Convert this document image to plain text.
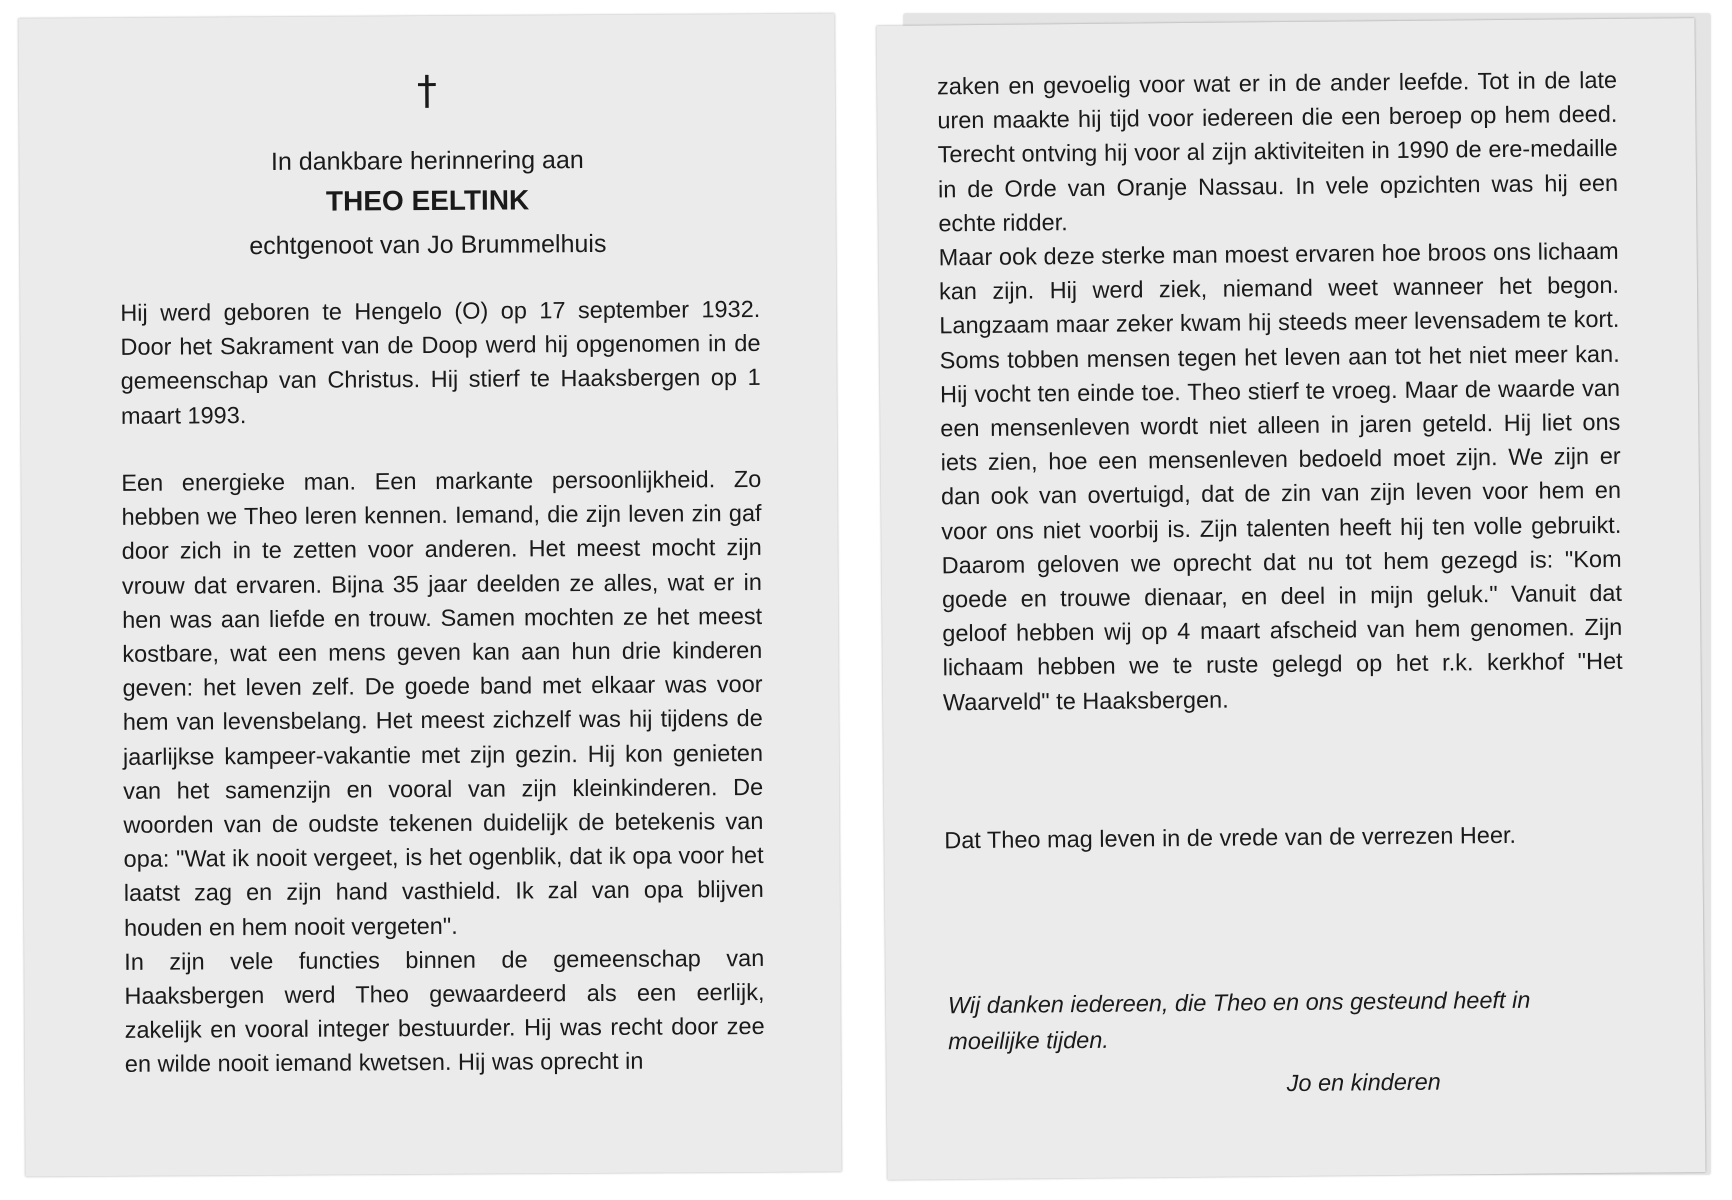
†
In dankbare herinnering aan
THEO EELTINK
echtgenoot van Jo Brummelhuis

Hij werd geboren te Hengelo (O) op 17 september 1932. Door het Sakrament van de Doop werd hij opgenomen in de gemeenschap van Christus. Hij stierf te Haaksbergen op 1 maart 1993.

Een energieke man. Een markante persoonlijkheid. Zo hebben we Theo leren kennen. Iemand, die zijn leven zin gaf door zich in te zetten voor anderen. Het meest mocht zijn vrouw dat ervaren. Bijna 35 jaar deelden ze alles, wat er in hen was aan liefde en trouw. Samen mochten ze het meest kostbare, wat een mens geven kan aan hun drie kinderen geven: het leven zelf. De goede band met elkaar was voor hem van levensbelang. Het meest zichzelf was hij tijdens de jaarlijkse kampeer-vakantie met zijn gezin. Hij kon genieten van het samenzijn en vooral van zijn kleinkinderen. De woorden van de oudste tekenen duidelijk de betekenis van opa: "Wat ik nooit vergeet, is het ogenblik, dat ik opa voor het laatst zag en zijn hand vasthield. Ik zal van opa blijven houden en hem nooit vergeten".
In zijn vele functies binnen de gemeenschap van Haaksbergen werd Theo gewaardeerd als een eerlijk, zakelijk en vooral integer bestuurder. Hij was recht door zee en wilde nooit iemand kwetsen. Hij was oprecht in
zaken en gevoelig voor wat er in de ander leefde. Tot in de late uren maakte hij tijd voor iedereen die een beroep op hem deed. Terecht ontving hij voor al zijn aktiviteiten in 1990 de ere-medaille in de Orde van Oranje Nassau. In vele opzichten was hij een echte ridder.
Maar ook deze sterke man moest ervaren hoe broos ons lichaam kan zijn. Hij werd ziek, niemand weet wanneer het begon. Langzaam maar zeker kwam hij steeds meer levensadem te kort. Soms tobben mensen tegen het leven aan tot het niet meer kan. Hij vocht ten einde toe. Theo stierf te vroeg. Maar de waarde van een mensenleven wordt niet alleen in jaren geteld. Hij liet ons iets zien, hoe een mensenleven bedoeld moet zijn. We zijn er dan ook van overtuigd, dat de zin van zijn leven voor hem en voor ons niet voorbij is. Zijn talenten heeft hij ten volle gebruikt. Daarom geloven we oprecht dat nu tot hem gezegd is: "Kom goede en trouwe dienaar, en deel in mijn geluk." Vanuit dat geloof hebben wij op 4 maart afscheid van hem genomen. Zijn lichaam hebben we te ruste gelegd op het r.k. kerkhof "Het Waarveld" te Haaksbergen.
Dat Theo mag leven in de vrede van de verrezen Heer.
Wij danken iedereen, die Theo en ons gesteund heeft in moeilijke tijden.
Jo en kinderen
